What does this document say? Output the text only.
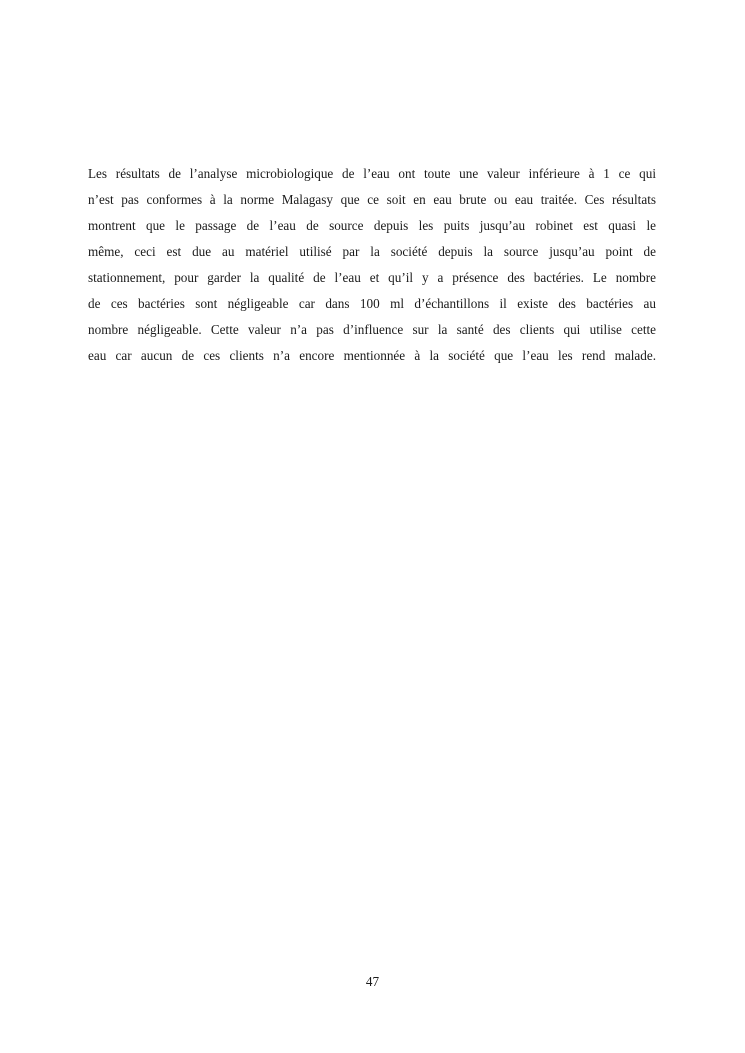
Les résultats de l’analyse microbiologique de l’eau ont toute une valeur inférieure à 1 ce qui
n’est pas conformes à la norme Malagasy que ce soit en eau brute ou eau traitée. Ces résultats
montrent que le passage de l’eau de source depuis les puits jusqu’au robinet est quasi le
même, ceci est due au matériel utilisé par la société depuis la source jusqu’au point de
stationnement, pour garder la qualité de l’eau et qu’il y a présence des bactéries. Le nombre
de ces bactéries sont négligeable car dans 100 ml d’échantillons il existe des bactéries au
nombre négligeable. Cette valeur n’a pas d’influence sur la santé des clients qui utilise cette
eau car aucun de ces clients n’a encore mentionnée à la société que l’eau les rend malade.
47
